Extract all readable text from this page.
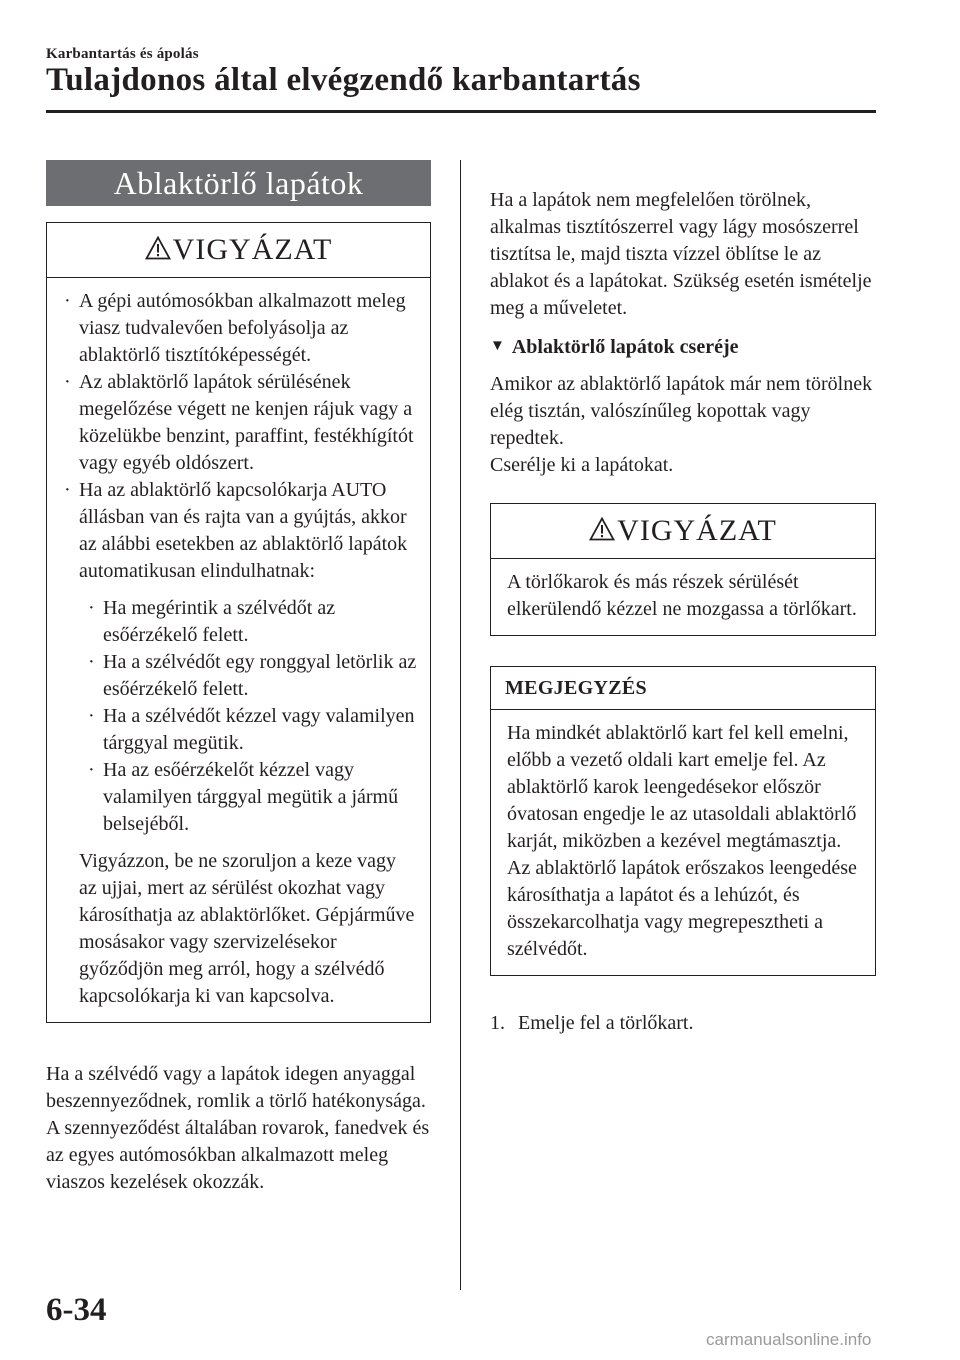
Karbantartás és ápolás
Tulajdonos által elvégzendő karbantartás
Ablaktörlő lapátok
VIGYÁZAT
· A gépi autómosókban alkalmazott meleg viasz tudvalevően befolyásolja az ablaktörlő tisztítóképességét.
· Az ablaktörlő lapátok sérülésének megelőzése végett ne kenjen rájuk vagy a közelükbe benzint, paraffint, festékhígítót vagy egyéb oldószert.
· Ha az ablaktörlő kapcsolókarja AUTO állásban van és rajta van a gyújtás, akkor az alábbi esetekben az ablaktörlő lapátok automatikusan elindulhatnak:
· Ha megérintik a szélvédőt az esőérzékelő felett.
· Ha a szélvédőt egy ronggyal letörlik az esőérzékelő felett.
· Ha a szélvédőt kézzel vagy valamilyen tárggyal megütik.
· Ha az esőérzékelőt kézzel vagy valamilyen tárggyal megütik a jármű belsejéből.
Vigyázzon, be ne szoruljon a keze vagy az ujjai, mert az sérülést okozhat vagy károsíthatja az ablaktörlőket. Gépjárműve mosásakor vagy szervizelésekor győződjön meg arról, hogy a szélvédő kapcsolókarja ki van kapcsolva.
Ha a szélvédő vagy a lapátok idegen anyaggal beszennyeződnek, romlik a törlő hatékonysága. A szennyeződést általában rovarok, fanedvek és az egyes autómosókban alkalmazott meleg viaszos kezelések okozzák.
Ha a lapátok nem megfelelően törölnek, alkalmas tisztítószerrel vagy lágy mosószerrel tisztítsa le, majd tiszta vízzel öblítse le az ablakot és a lapátokat. Szükség esetén ismételje meg a műveletet.
▼ Ablaktörlő lapátok cseréje
Amikor az ablaktörlő lapátok már nem törölnek elég tisztán, valószínűleg kopottak vagy repedtek.
Cserélje ki a lapátokat.
VIGYÁZAT
A törlőkarok és más részek sérülését elkerülendő kézzel ne mozgassa a törlőkart.
MEGJEGYZÉS
Ha mindkét ablaktörlő kart fel kell emelni, előbb a vezető oldali kart emelje fel. Az ablaktörlő karok leengedésekor először óvatosan engedje le az utasoldali ablaktörlő karját, miközben a kezével megtámasztja. Az ablaktörlő lapátok erőszakos leengedése károsíthatja a lapátot és a lehúzót, és összekarcolhatja vagy megrepesztheti a szélvédőt.
1. Emelje fel a törlőkart.
6-34
carmanualsonline.info
